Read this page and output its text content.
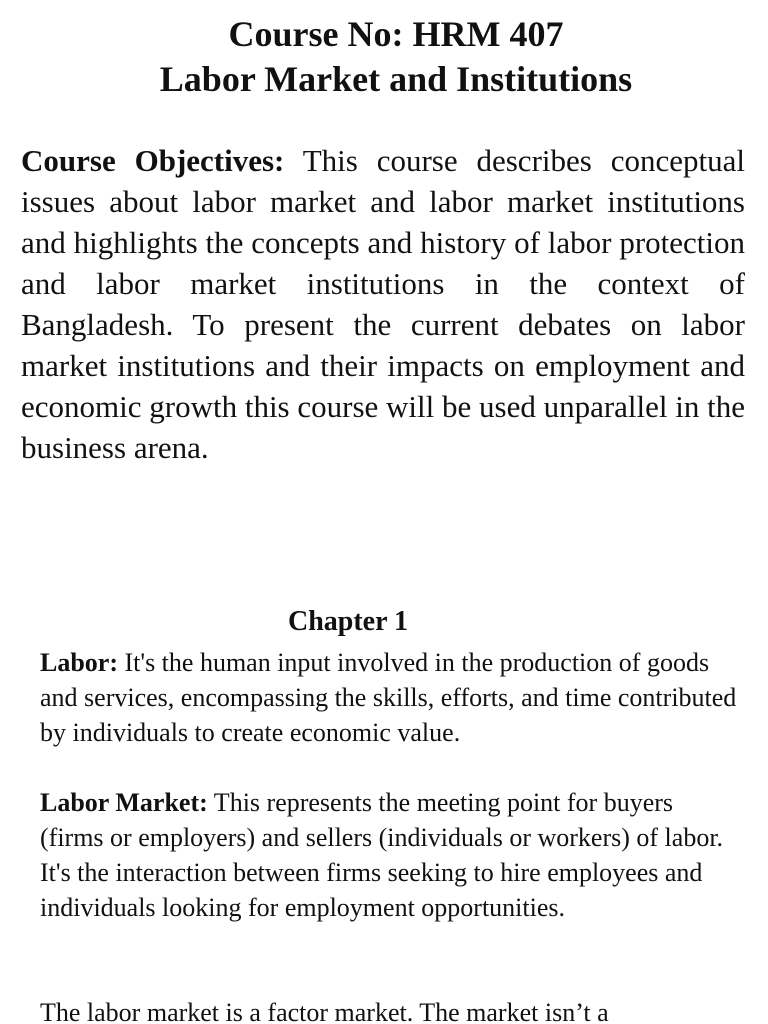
Course No: HRM 407
Labor Market and Institutions

Course Objectives: This course describes conceptual issues about labor market and labor market institutions and highlights the concepts and history of labor protection and labor market institutions in the context of Bangladesh. To present the current debates on labor market institutions and their impacts on employment and economic growth this course will be used unparallel in the business arena.

Chapter 1

Labor: It's the human input involved in the production of goods and services, encompassing the skills, efforts, and time contributed by individuals to create economic value.

Labor Market: This represents the meeting point for buyers (firms or employers) and sellers (individuals or workers) of labor. It's the interaction between firms seeking to hire employees and individuals looking for employment opportunities.

The labor market is a factor market. The market isn’t a
